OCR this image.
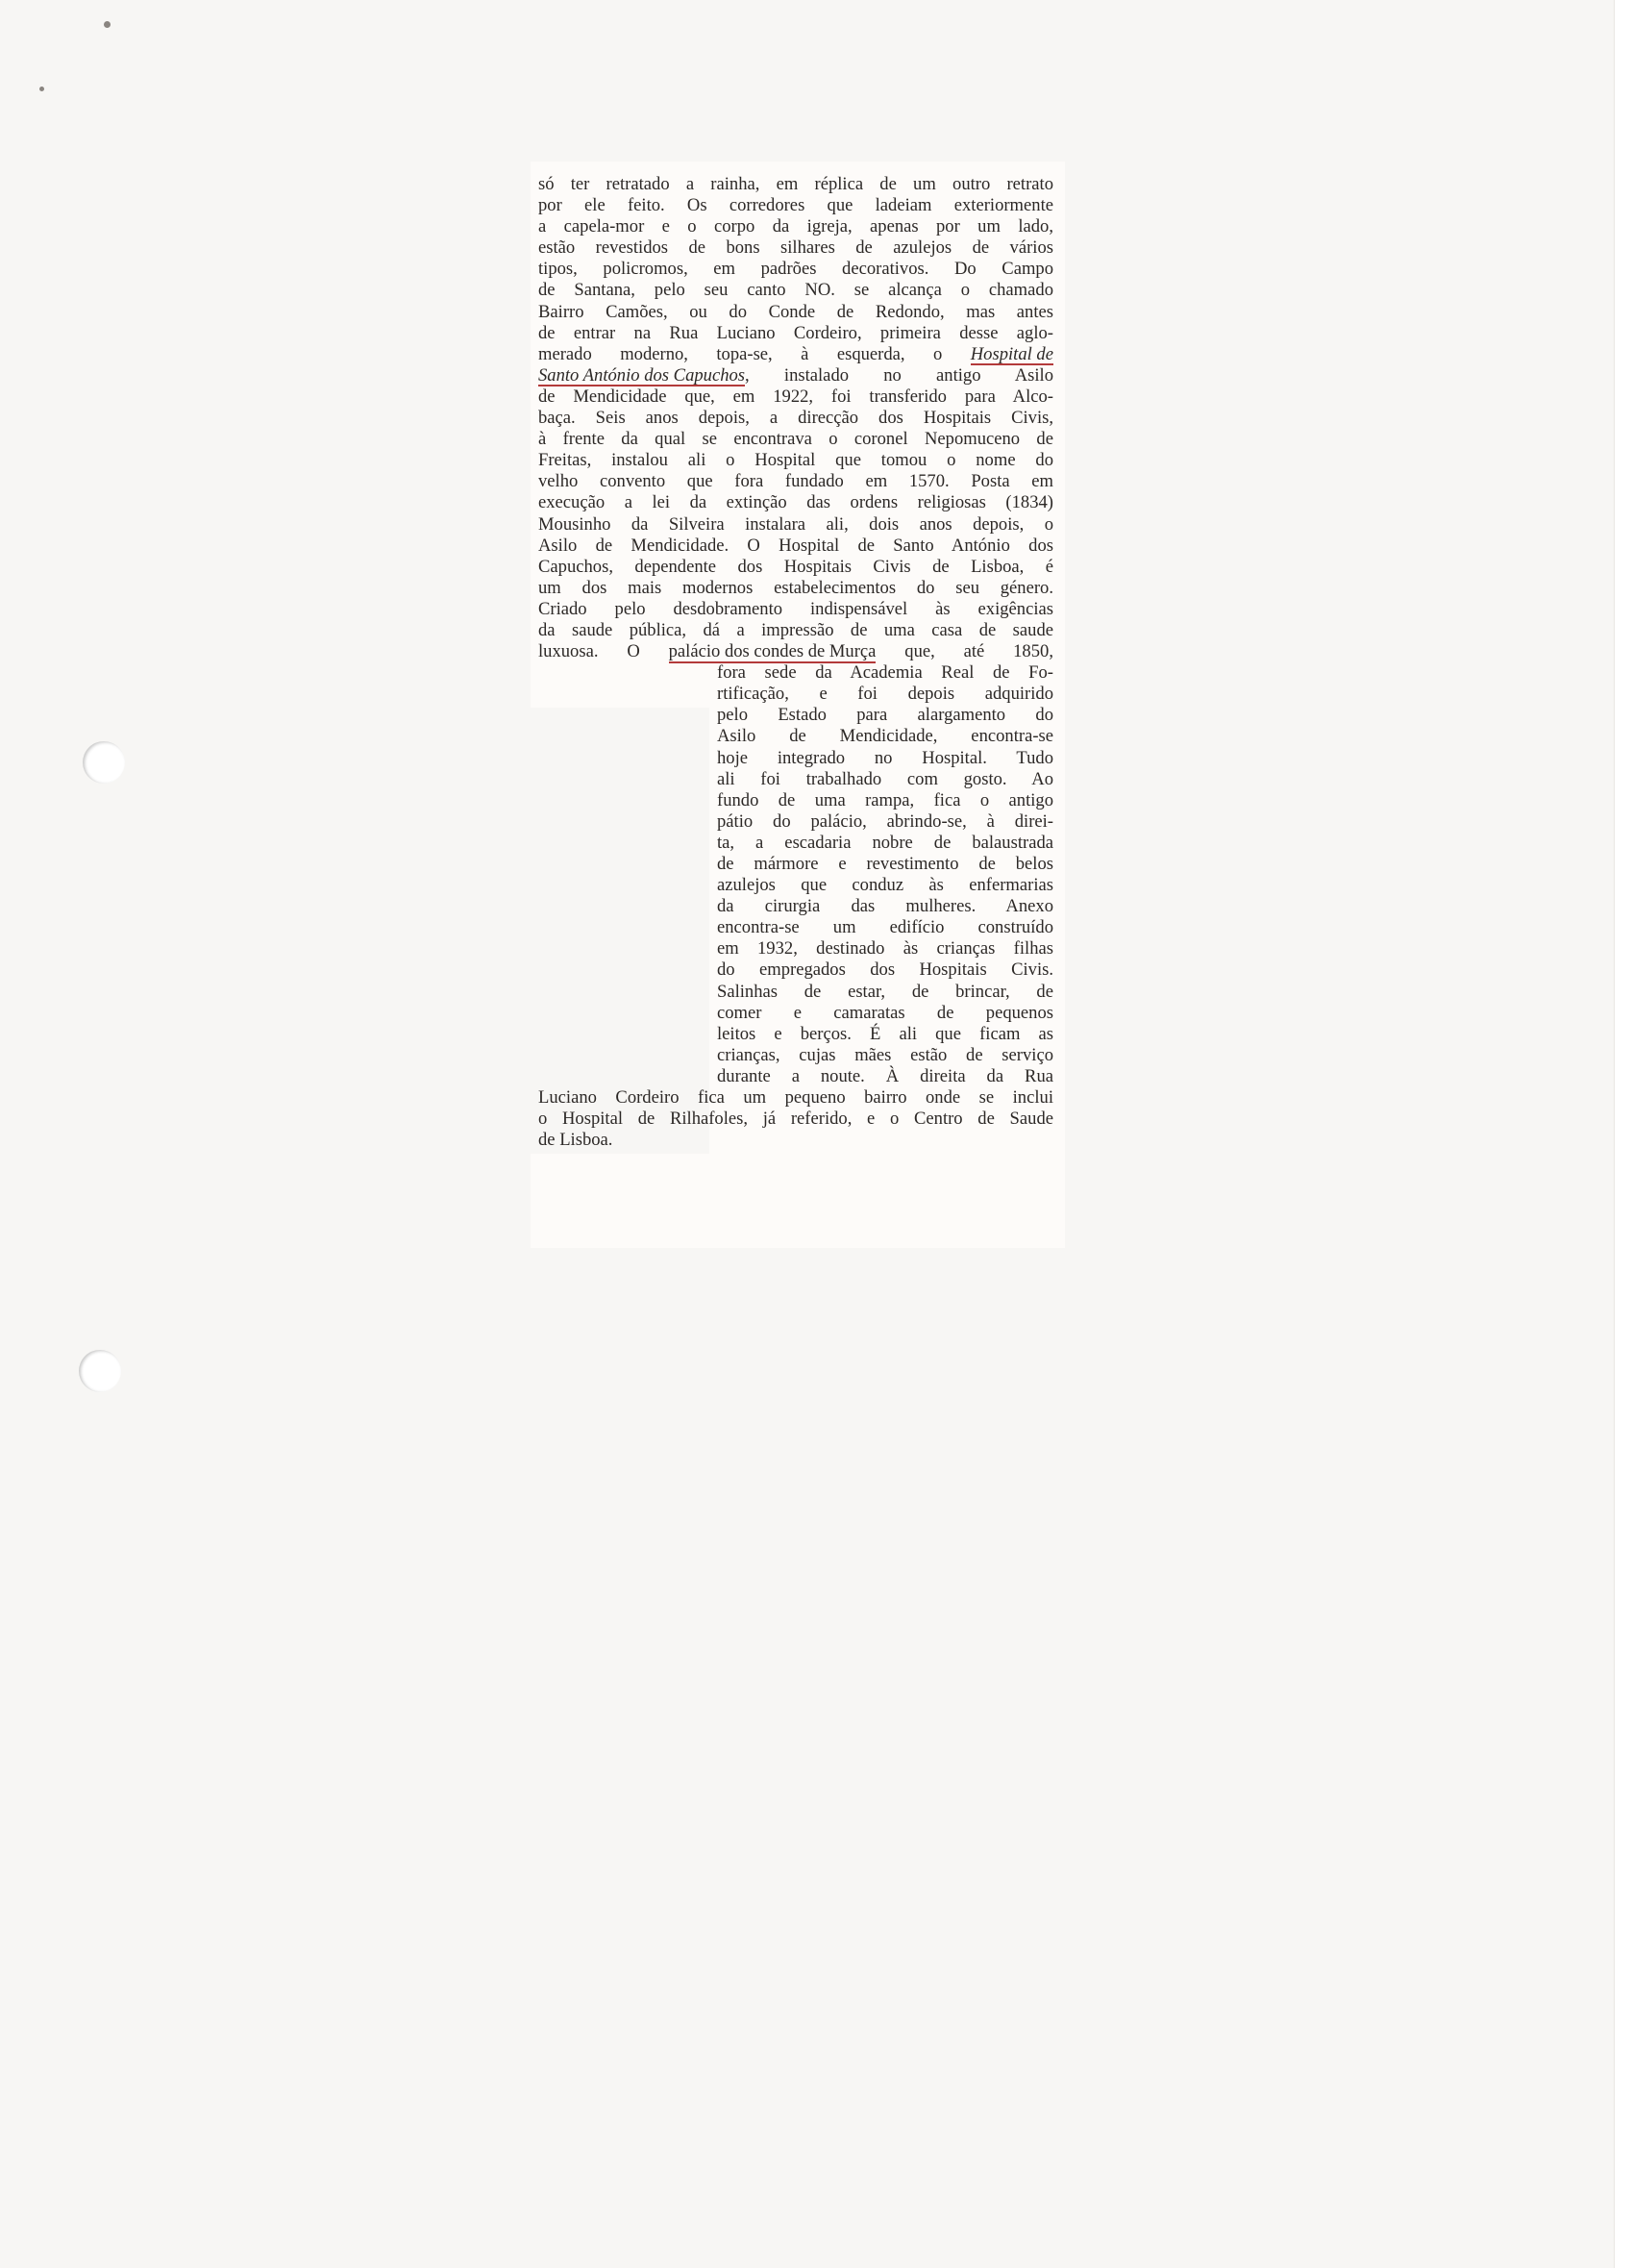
só ter retratado a rainha, em réplica de um outro retrato
por ele feito. Os corredores que ladeiam exteriormente
a capela-mor e o corpo da igreja, apenas por um lado,
estão revestidos de bons silhares de azulejos de vários
tipos, policromos, em padrões decorativos. Do Campo
de Santana, pelo seu canto NO. se alcança o chamado
Bairro Camões, ou do Conde de Redondo, mas antes
de entrar na Rua Luciano Cordeiro, primeira desse aglo-
merado moderno, topa-se, à esquerda, o Hospital de
Santo António dos Capuchos, instalado no antigo Asilo
de Mendicidade que, em 1922, foi transferido para Alco-
baça. Seis anos depois, a direcção dos Hospitais Civis,
à frente da qual se encontrava o coronel Nepomuceno de
Freitas, instalou ali o Hospital que tomou o nome do
velho convento que fora fundado em 1570. Posta em
execução a lei da extinção das ordens religiosas (1834)
Mousinho da Silveira instalara ali, dois anos depois, o
Asilo de Mendicidade. O Hospital de Santo António dos
Capuchos, dependente dos Hospitais Civis de Lisboa, é
um dos mais modernos estabelecimentos do seu género.
Criado pelo desdobramento indispensável às exigências
da saude pública, dá a impressão de uma casa de saude
luxuosa. O palácio dos condes de Murça que, até 1850,
fora sede da Academia Real de Fo-
rtificação, e foi depois adquirido
pelo Estado para alargamento do
Asilo de Mendicidade, encontra-se
hoje integrado no Hospital. Tudo
ali foi trabalhado com gosto. Ao
fundo de uma rampa, fica o antigo
pátio do palácio, abrindo-se, à direi-
ta, a escadaria nobre de balaustrada
de mármore e revestimento de belos
azulejos que conduz às enfermarias
da cirurgia das mulheres. Anexo
encontra-se um edifício construído
em 1932, destinado às crianças filhas
do empregados dos Hospitais Civis.
Salinhas de estar, de brincar, de
comer e camaratas de pequenos
leitos e berços. É ali que ficam as
crianças, cujas mães estão de serviço
durante a noute. À direita da Rua
Luciano Cordeiro fica um pequeno bairro onde se inclui
o Hospital de Rilhafoles, já referido, e o Centro de Saude
de Lisboa.
